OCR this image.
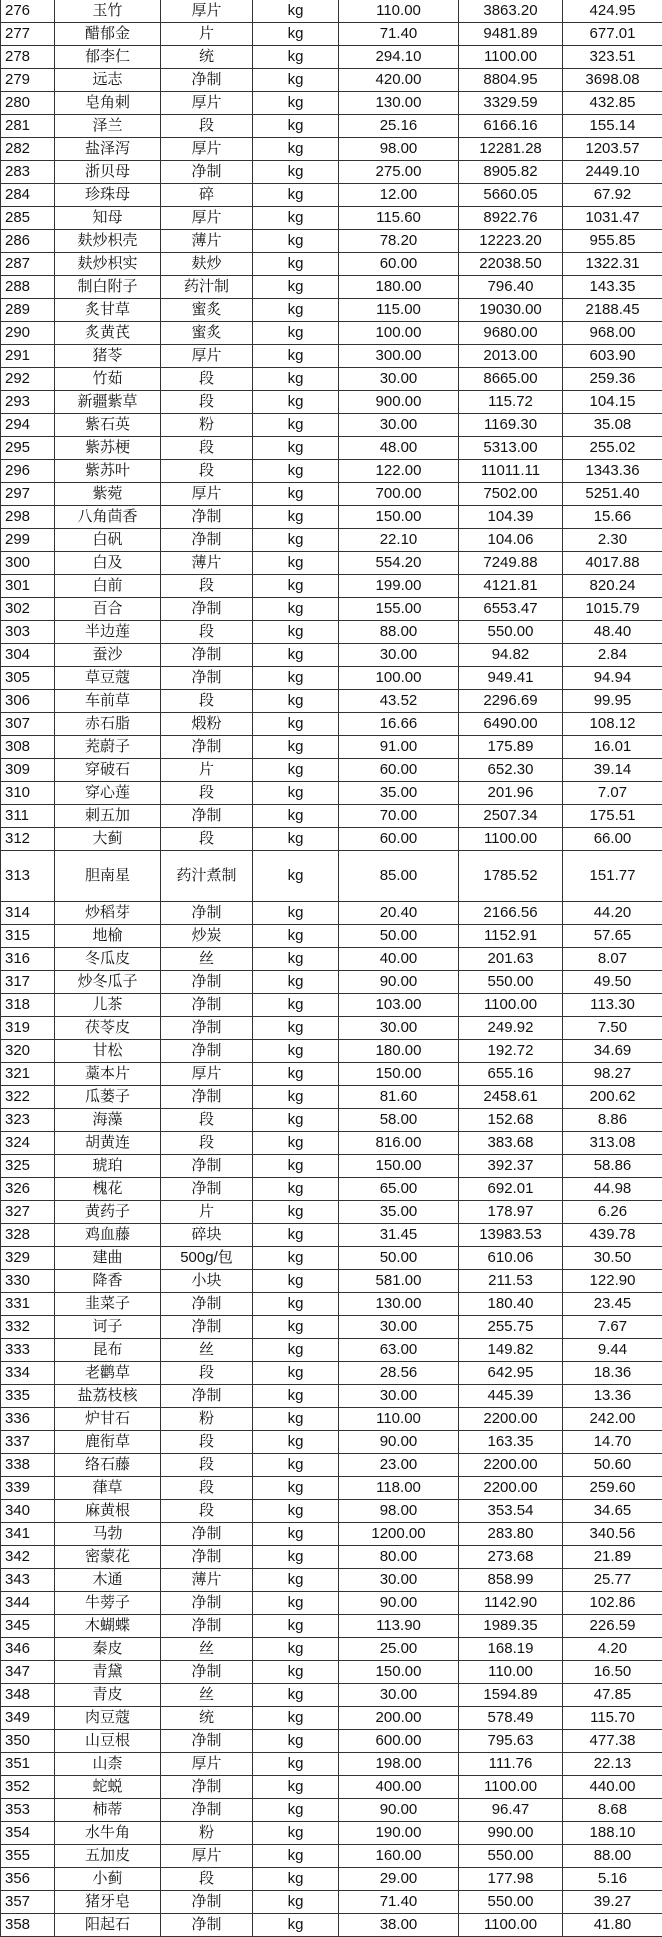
276	玉竹	厚片	kg	110.00	3863.20	424.95
277	醋郁金	片	kg	71.40	9481.89	677.01
278	郁李仁	统	kg	294.10	1100.00	323.51
279	远志	净制	kg	420.00	8804.95	3698.08
280	皂角刺	厚片	kg	130.00	3329.59	432.85
281	泽兰	段	kg	25.16	6166.16	155.14
282	盐泽泻	厚片	kg	98.00	12281.28	1203.57
283	浙贝母	净制	kg	275.00	8905.82	2449.10
284	珍珠母	碎	kg	12.00	5660.05	67.92
285	知母	厚片	kg	115.60	8922.76	1031.47
286	麸炒枳壳	薄片	kg	78.20	12223.20	955.85
287	麸炒枳实	麸炒	kg	60.00	22038.50	1322.31
288	制白附子	药汁制	kg	180.00	796.40	143.35
289	炙甘草	蜜炙	kg	115.00	19030.00	2188.45
290	炙黄芪	蜜炙	kg	100.00	9680.00	968.00
291	猪苓	厚片	kg	300.00	2013.00	603.90
292	竹茹	段	kg	30.00	8665.00	259.36
293	新疆紫草	段	kg	900.00	115.72	104.15
294	紫石英	粉	kg	30.00	1169.30	35.08
295	紫苏梗	段	kg	48.00	5313.00	255.02
296	紫苏叶	段	kg	122.00	11011.11	1343.36
297	紫菀	厚片	kg	700.00	7502.00	5251.40
298	八角茴香	净制	kg	150.00	104.39	15.66
299	白矾	净制	kg	22.10	104.06	2.30
300	白及	薄片	kg	554.20	7249.88	4017.88
301	白前	段	kg	199.00	4121.81	820.24
302	百合	净制	kg	155.00	6553.47	1015.79
303	半边莲	段	kg	88.00	550.00	48.40
304	蚕沙	净制	kg	30.00	94.82	2.84
305	草豆蔻	净制	kg	100.00	949.41	94.94
306	车前草	段	kg	43.52	2296.69	99.95
307	赤石脂	煅粉	kg	16.66	6490.00	108.12
308	茺蔚子	净制	kg	91.00	175.89	16.01
309	穿破石	片	kg	60.00	652.30	39.14
310	穿心莲	段	kg	35.00	201.96	7.07
311	刺五加	净制	kg	70.00	2507.34	175.51
312	大蓟	段	kg	60.00	1100.00	66.00
313	胆南星	药汁煮制	kg	85.00	1785.52	151.77
314	炒稻芽	净制	kg	20.40	2166.56	44.20
315	地榆	炒炭	kg	50.00	1152.91	57.65
316	冬瓜皮	丝	kg	40.00	201.63	8.07
317	炒冬瓜子	净制	kg	90.00	550.00	49.50
318	儿茶	净制	kg	103.00	1100.00	113.30
319	茯苓皮	净制	kg	30.00	249.92	7.50
320	甘松	净制	kg	180.00	192.72	34.69
321	藁本片	厚片	kg	150.00	655.16	98.27
322	瓜蒌子	净制	kg	81.60	2458.61	200.62
323	海藻	段	kg	58.00	152.68	8.86
324	胡黄连	段	kg	816.00	383.68	313.08
325	琥珀	净制	kg	150.00	392.37	58.86
326	槐花	净制	kg	65.00	692.01	44.98
327	黄药子	片	kg	35.00	178.97	6.26
328	鸡血藤	碎块	kg	31.45	13983.53	439.78
329	建曲	500g/包	kg	50.00	610.06	30.50
330	降香	小块	kg	581.00	211.53	122.90
331	韭菜子	净制	kg	130.00	180.40	23.45
332	诃子	净制	kg	30.00	255.75	7.67
333	昆布	丝	kg	63.00	149.82	9.44
334	老鹳草	段	kg	28.56	642.95	18.36
335	盐荔枝核	净制	kg	30.00	445.39	13.36
336	炉甘石	粉	kg	110.00	2200.00	242.00
337	鹿衔草	段	kg	90.00	163.35	14.70
338	络石藤	段	kg	23.00	2200.00	50.60
339	葎草	段	kg	118.00	2200.00	259.60
340	麻黄根	段	kg	98.00	353.54	34.65
341	马勃	净制	kg	1200.00	283.80	340.56
342	密蒙花	净制	kg	80.00	273.68	21.89
343	木通	薄片	kg	30.00	858.99	25.77
344	牛蒡子	净制	kg	90.00	1142.90	102.86
345	木蝴蝶	净制	kg	113.90	1989.35	226.59
346	秦皮	丝	kg	25.00	168.19	4.20
347	青黛	净制	kg	150.00	110.00	16.50
348	青皮	丝	kg	30.00	1594.89	47.85
349	肉豆蔻	统	kg	200.00	578.49	115.70
350	山豆根	净制	kg	600.00	795.63	477.38
351	山柰	厚片	kg	198.00	111.76	22.13
352	蛇蜕	净制	kg	400.00	1100.00	440.00
353	柿蒂	净制	kg	90.00	96.47	8.68
354	水牛角	粉	kg	190.00	990.00	188.10
355	五加皮	厚片	kg	160.00	550.00	88.00
356	小蓟	段	kg	29.00	177.98	5.16
357	猪牙皂	净制	kg	71.40	550.00	39.27
358	阳起石	净制	kg	38.00	1100.00	41.80
